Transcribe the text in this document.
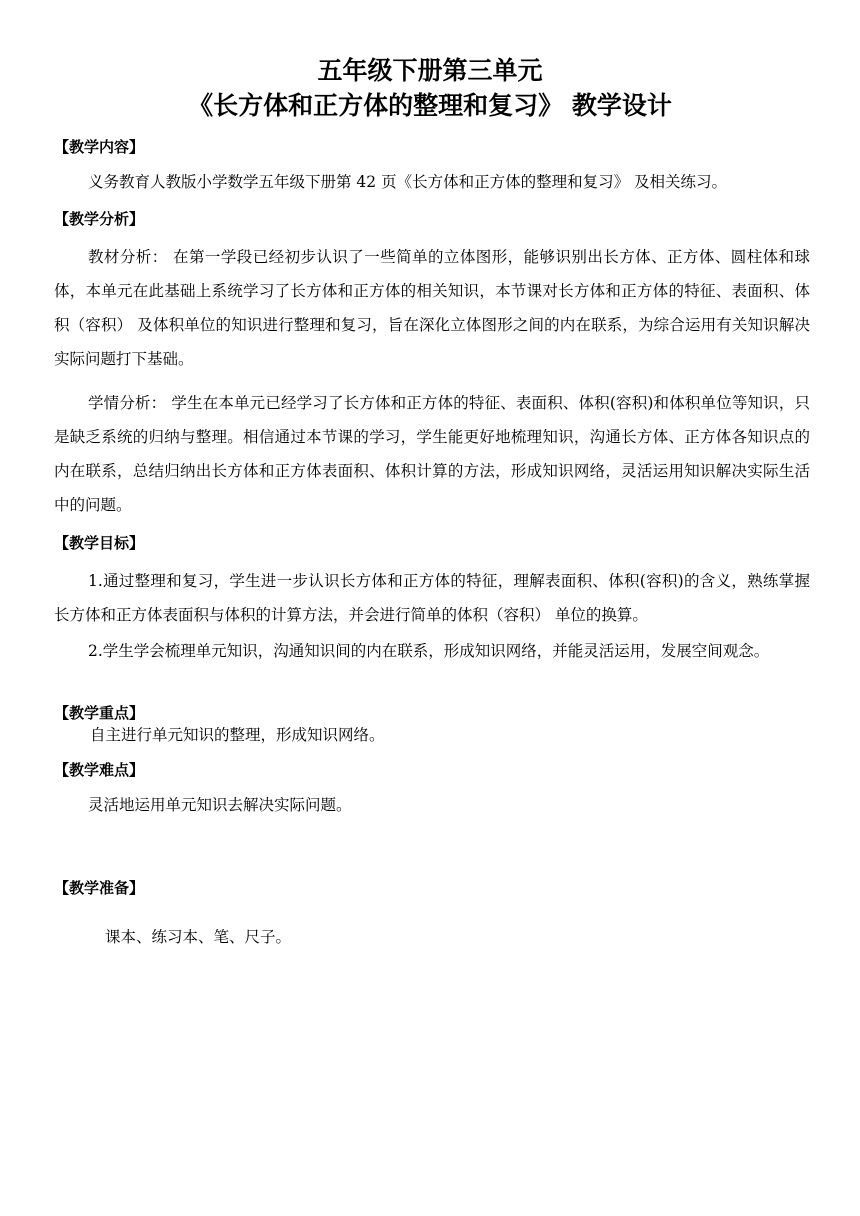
五年级下册第三单元
《长方体和正方体的整理和复习》 教学设计
【教学内容】
义务教育人教版小学数学五年级下册第 42 页《长方体和正方体的整理和复习》 及相关练习。
【教学分析】
教材分析： 在第一学段已经初步认识了一些简单的立体图形，能够识别出长方体、正方体、圆柱体和球体，本单元在此基础上系统学习了长方体和正方体的相关知识，本节课对长方体和正方体的特征、表面积、体积（容积） 及体积单位的知识进行整理和复习，旨在深化立体图形之间的内在联系，为综合运用有关知识解决实际问题打下基础。
学情分析： 学生在本单元已经学习了长方体和正方体的特征、表面积、体积(容积)和体积单位等知识，只是缺乏系统的归纳与整理。相信通过本节课的学习，学生能更好地梳理知识，沟通长方体、正方体各知识点的内在联系，总结归纳出长方体和正方体表面积、体积计算的方法，形成知识网络，灵活运用知识解决实际生活中的问题。
【教学目标】
1.通过整理和复习，学生进一步认识长方体和正方体的特征，理解表面积、体积(容积)的含义，熟练掌握长方体和正方体表面积与体积的计算方法，并会进行简单的体积（容积） 单位的换算。
2.学生学会梳理单元知识，沟通知识间的内在联系，形成知识网络，并能灵活运用，发展空间观念。
【教学重点】
自主进行单元知识的整理，形成知识网络。
【教学难点】
灵活地运用单元知识去解决实际问题。
【教学准备】
课本、练习本、笔、尺子。
